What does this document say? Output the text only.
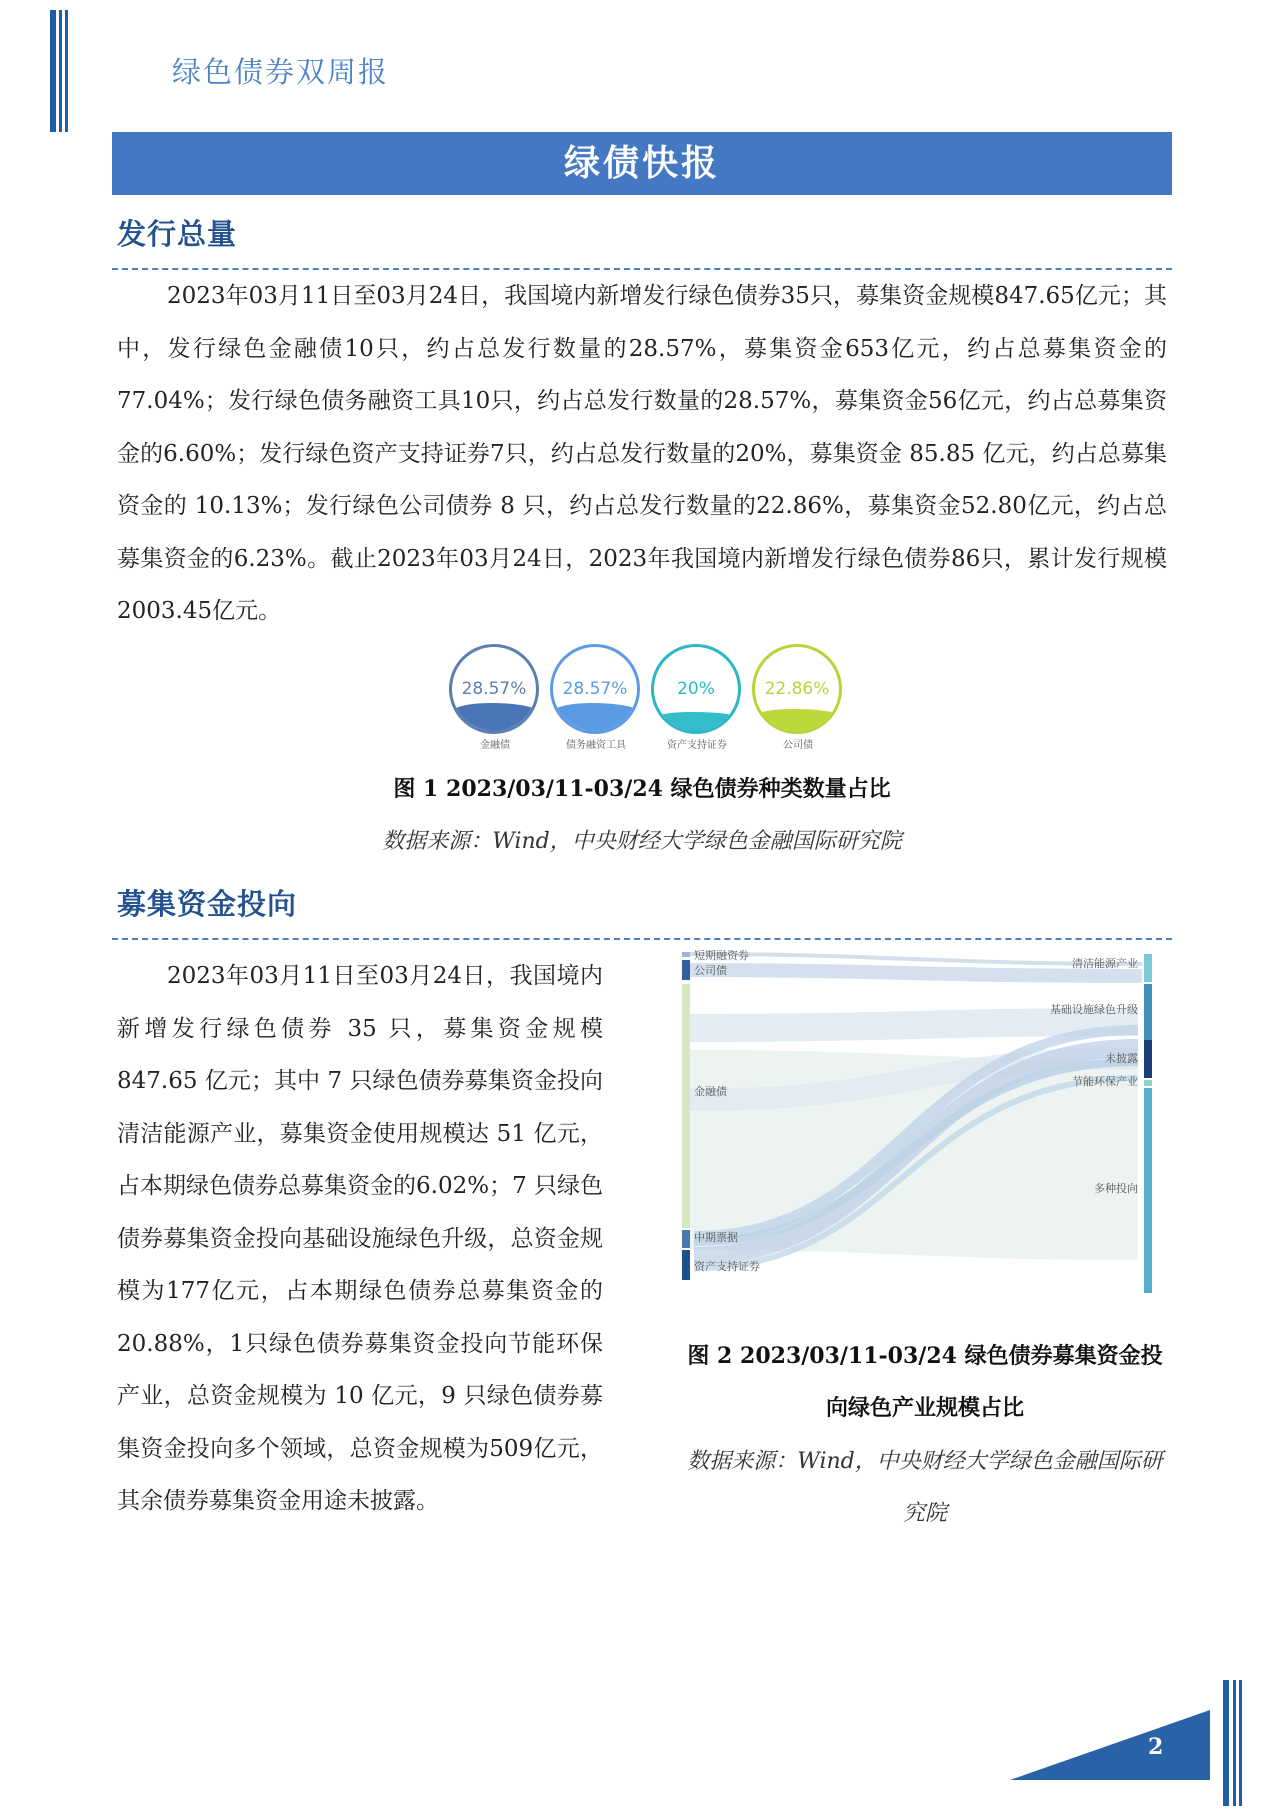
绿色债券双周报
绿债快报
发行总量
2023年03月11日至03月24日，我国境内新增发行绿色债券35只，募集资金规模847.65亿元；其中，发行绿色金融债10只，约占总发行数量的28.57%，募集资金653亿元，约占总募集资金的77.04%；发行绿色债务融资工具10只，约占总发行数量的28.57%，募集资金56亿元，约占总募集资金的6.60%；发行绿色资产支持证券7只，约占总发行数量的20%，募集资金 85.85 亿元，约占总募集资金的 10.13%；发行绿色公司债券 8 只，约占总发行数量的22.86%，募集资金52.80亿元，约占总募集资金的6.23%。截止2023年03月24日，2023年我国境内新增发行绿色债券86只，累计发行规模2003.45亿元。
28.57%
金融债
28.57%
债务融资工具
20%
资产支持证券
22.86%
公司债
图 1 2023/03/11-03/24 绿色债券种类数量占比
数据来源：Wind，中央财经大学绿色金融国际研究院
募集资金投向
2023年03月11日至03月24日，我国境内新增发行绿色债券 35 只，募集资金规模 847.65 亿元；其中 7 只绿色债券募集资金投向清洁能源产业，募集资金使用规模达 51 亿元，占本期绿色债券总募集资金的6.02%；7 只绿色债券募集资金投向基础设施绿色升级，总资金规模为177亿元，占本期绿色债券总募集资金的20.88%，1只绿色债券募集资金投向节能环保产业，总资金规模为 10 亿元，9 只绿色债券募集资金投向多个领域，总资金规模为509亿元，其余债券募集资金用途未披露。
短期融资券
公司债
金融债
中期票据
资产支持证券
清洁能源产业
基础设施绿色升级
未披露
节能环保产业
多种投向
图 2 2023/03/11-03/24 绿色债券募集资金投向绿色产业规模占比
数据来源：Wind，中央财经大学绿色金融国际研究院
2
